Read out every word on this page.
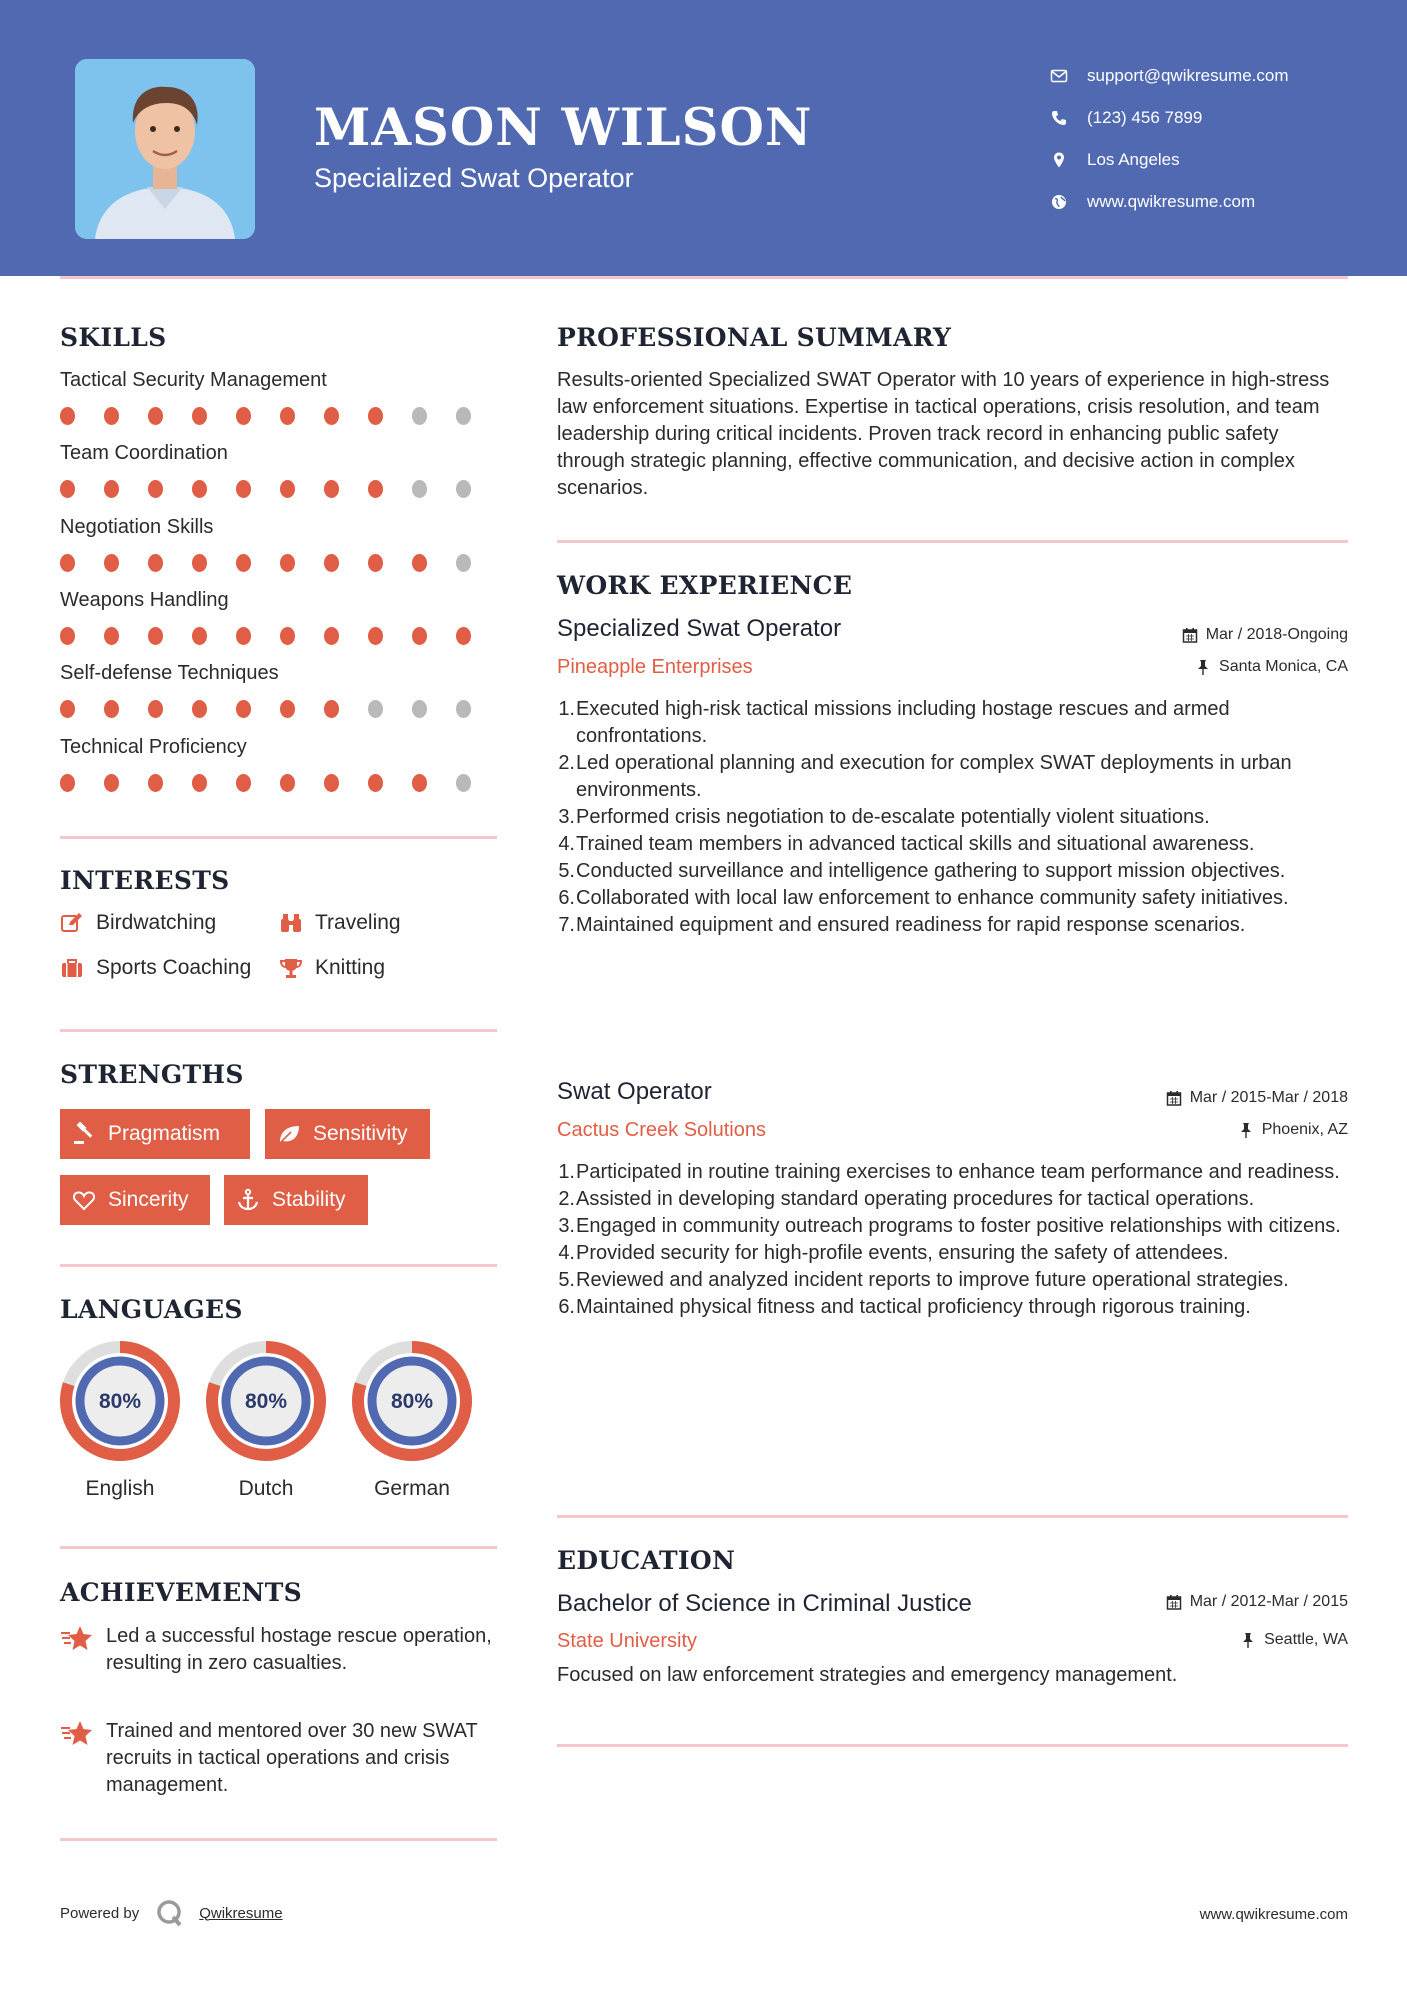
MASON WILSON
Specialized Swat Operator
support@qwikresume.com
(123) 456 7899
Los Angeles
www.qwikresume.com
SKILLS
Tactical Security Management
Team Coordination
Negotiation Skills
Weapons Handling
Self-defense Techniques
Technical Proficiency
INTERESTS
Birdwatching	Traveling
Sports Coaching	Knitting
STRENGTHS
Pragmatism	Sensitivity
Sincerity	Stability
LANGUAGES
80%
English
80%
Dutch
80%
German
ACHIEVEMENTS
Led a successful hostage rescue operation, resulting in zero casualties.
Trained and mentored over 30 new SWAT recruits in tactical operations and crisis management.
PROFESSIONAL SUMMARY
Results-oriented Specialized SWAT Operator with 10 years of experience in high-stress law enforcement situations. Expertise in tactical operations, crisis resolution, and team leadership during critical incidents. Proven track record in enhancing public safety through strategic planning, effective communication, and decisive action in complex scenarios.
WORK EXPERIENCE
Specialized Swat Operator	Mar / 2018-Ongoing
Pineapple Enterprises	Santa Monica, CA
1. Executed high-risk tactical missions including hostage rescues and armed confrontations.
2. Led operational planning and execution for complex SWAT deployments in urban environments.
3. Performed crisis negotiation to de-escalate potentially violent situations.
4. Trained team members in advanced tactical skills and situational awareness.
5. Conducted surveillance and intelligence gathering to support mission objectives.
6. Collaborated with local law enforcement to enhance community safety initiatives.
7. Maintained equipment and ensured readiness for rapid response scenarios.
Swat Operator	Mar / 2015-Mar / 2018
Cactus Creek Solutions	Phoenix, AZ
1. Participated in routine training exercises to enhance team performance and readiness.
2. Assisted in developing standard operating procedures for tactical operations.
3. Engaged in community outreach programs to foster positive relationships with citizens.
4. Provided security for high-profile events, ensuring the safety of attendees.
5. Reviewed and analyzed incident reports to improve future operational strategies.
6. Maintained physical fitness and tactical proficiency through rigorous training.
EDUCATION
Bachelor of Science in Criminal Justice	Mar / 2012-Mar / 2015
State University	Seattle, WA
Focused on law enforcement strategies and emergency management.
Powered by	Qwikresume	www.qwikresume.com
